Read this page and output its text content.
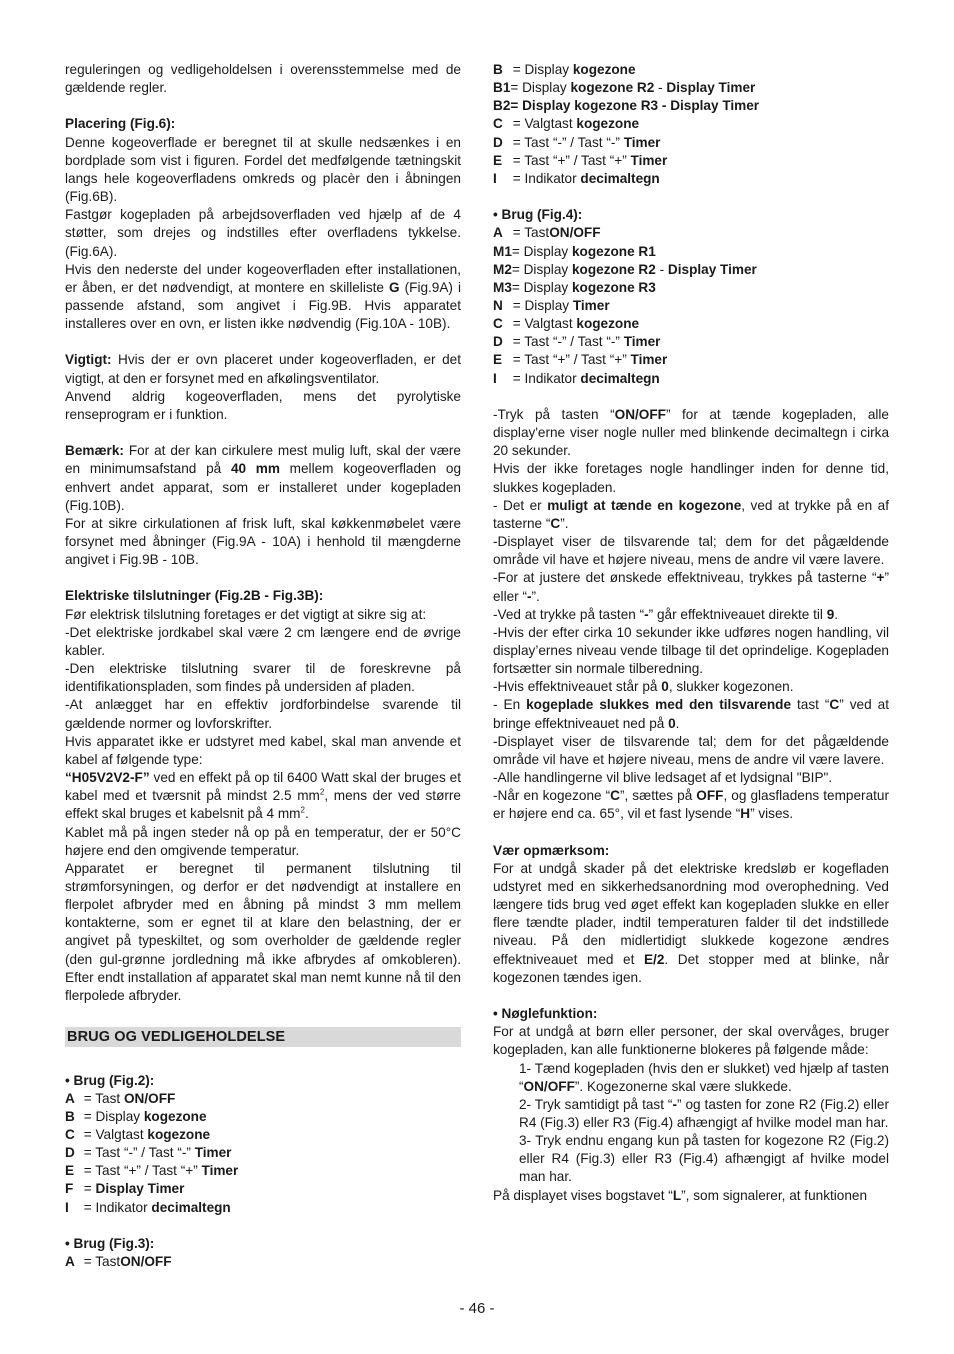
reguleringen og vedligeholdelsen i overensstemmelse med de gældende regler.

Placering (Fig.6):

Denne kogeoverflade er beregnet til at skulle nedsænkes i en bordplade som vist i figuren. Fordel det medfølgende tætningskit langs hele kogeoverfladens omkreds og placèr den i åbningen (Fig.6B).

Fastgør kogepladen på arbejdsoverfladen ved hjælp af de 4 støtter, som drejes og indstilles efter overfladens tykkelse. (Fig.6A).

Hvis den nederste del under kogeoverfladen efter installationen, er åben, er det nødvendigt, at montere en skilleliste G (Fig.9A) i passende afstand, som angivet i Fig.9B. Hvis apparatet installeres over en ovn, er listen ikke nødvendig (Fig.10A - 10B).

Vigtigt: Hvis der er ovn placeret under kogeoverfladen, er det vigtigt, at den er forsynet med en afkølingsventilator.

Anvend aldrig kogeoverfladen, mens det pyrolytiske renseprogram er i funktion.

Bemærk: For at der kan cirkulere mest mulig luft, skal der være en minimumsafstand på 40 mm mellem kogeoverfladen og enhvert andet apparat, som er installeret under kogepladen (Fig.10B).

For at sikre cirkulationen af frisk luft, skal køkkenmøbelet være forsynet med åbninger (Fig.9A - 10A) i henhold til mængderne angivet i Fig.9B - 10B.

Elektriske tilslutninger (Fig.2B - Fig.3B):

Før elektrisk tilslutning foretages er det vigtigt at sikre sig at:

-Det elektriske jordkabel skal være 2 cm længere end de øvrige kabler.

-Den elektriske tilslutning svarer til de foreskrevne på identifikationspladen, som findes på undersiden af pladen.

-At anlægget har en effektiv jordforbindelse svarende til gældende normer og lovforskrifter.

Hvis apparatet ikke er udstyret med kabel, skal man anvende et kabel af følgende type:

“H05V2V2-F” ved en effekt på op til 6400 Watt skal der bruges et kabel med et tværsnit på mindst 2.5 $mm^2$, mens der ved større effekt skal bruges et kabelsnit på 4 $mm^2$.

Kablet må på ingen steder nå op på en temperatur, der er 50°C højere end den omgivende temperatur.

Apparatet er beregnet til permanent tilslutning til strømforsyningen, og derfor er det nødvendigt at installere en flerpolet afbryder med en åbning på mindst 3 mm mellem kontakterne, som er egnet til at klare den belastning, der er angivet på typeskiltet, og som overholder de gældende regler (den gul-grønne jordledning må ikke afbrydes af omkobleren). Efter endt installation af apparatet skal man nemt kunne nå til den flerpolede afbryder.

BRUG OG VEDLIGEHOLDELSE

• Brug (Fig.2):

A = Tast ON/OFF

B = Display kogezone

C = Valgtast kogezone

D = Tast “-” / Tast “-” Timer

E = Tast “+” / Tast “+” Timer

F = Display Timer

I = Indikator decimaltegn

• Brug (Fig.3):

A = TastON/OFF

B = Display kogezone

B1= Display kogezone R2 - Display Timer

B2= Display kogezone R3 - Display Timer

C = Valgtast kogezone

D = Tast “-” / Tast “-” Timer

E = Tast “+” / Tast “+” Timer

I = Indikator decimaltegn

• Brug (Fig.4):

A = TastON/OFF

M1= Display kogezone R1

M2= Display kogezone R2 - Display Timer

M3= Display kogezone R3

N = Display Timer

C = Valgtast kogezone

D = Tast “-” / Tast “-” Timer

E = Tast “+” / Tast “+” Timer

I = Indikator decimaltegn

-Tryk på tasten “ON/OFF” for at tænde kogepladen, alle display'erne viser nogle nuller med blinkende decimaltegn i cirka 20 sekunder.

Hvis der ikke foretages nogle handlinger inden for denne tid, slukkes kogepladen.

- Det er muligt at tænde en kogezone, ved at trykke på en af tasterne “C”.

-Displayet viser de tilsvarende tal; dem for det pågældende område vil have et højere niveau, mens de andre vil være lavere.

-For at justere det ønskede effektniveau, trykkes på tasterne “+” eller “-”.

-Ved at trykke på tasten “-” går effektniveauet direkte til 9.

-Hvis der efter cirka 10 sekunder ikke udføres nogen handling, vil display’ernes niveau vende tilbage til det oprindelige. Kogepladen fortsætter sin normale tilberedning.

-Hvis effektniveauet står på 0, slukker kogezonen.

- En kogeplade slukkes med den tilsvarende tast “C” ved at bringe effektniveauet ned på 0.

-Displayet viser de tilsvarende tal; dem for det pågældende område vil have et højere niveau, mens de andre vil være lavere.

-Alle handlingerne vil blive ledsaget af et lydsignal "BIP".

-Når en kogezone “C”, sættes på OFF, og glasfladens temperatur er højere end ca. 65°, vil et fast lysende “H” vises.

Vær opmærksom:

For at undgå skader på det elektriske kredsløb er kogefladen udstyret med en sikkerhedsanordning mod overophedning. Ved længere tids brug ved øget effekt kan kogepladen slukke en eller flere tændte plader, indtil temperaturen falder til det indstillede niveau. På den midlertidigt slukkede kogezone ændres effektniveauet med et E/2. Det stopper med at blinke, når kogezonen tændes igen.

• Nøglefunktion:

For at undgå at børn eller personer, der skal overvåges, bruger kogepladen, kan alle funktionerne blokeres på følgende måde:

1- Tænd kogepladen (hvis den er slukket) ved hjælp af tasten “ON/OFF”. Kogezonerne skal være slukkede.

2- Tryk samtidigt på tast “-” og tasten for zone R2 (Fig.2) eller R4 (Fig.3) eller R3 (Fig.4) afhængigt af hvilke model man har.

3- Tryk endnu engang kun på tasten for kogezone R2 (Fig.2) eller R4 (Fig.3) eller R3 (Fig.4) afhængigt af hvilke model man har.

På displayet vises bogstavet “L”, som signalerer, at funktionen

- 46 -
